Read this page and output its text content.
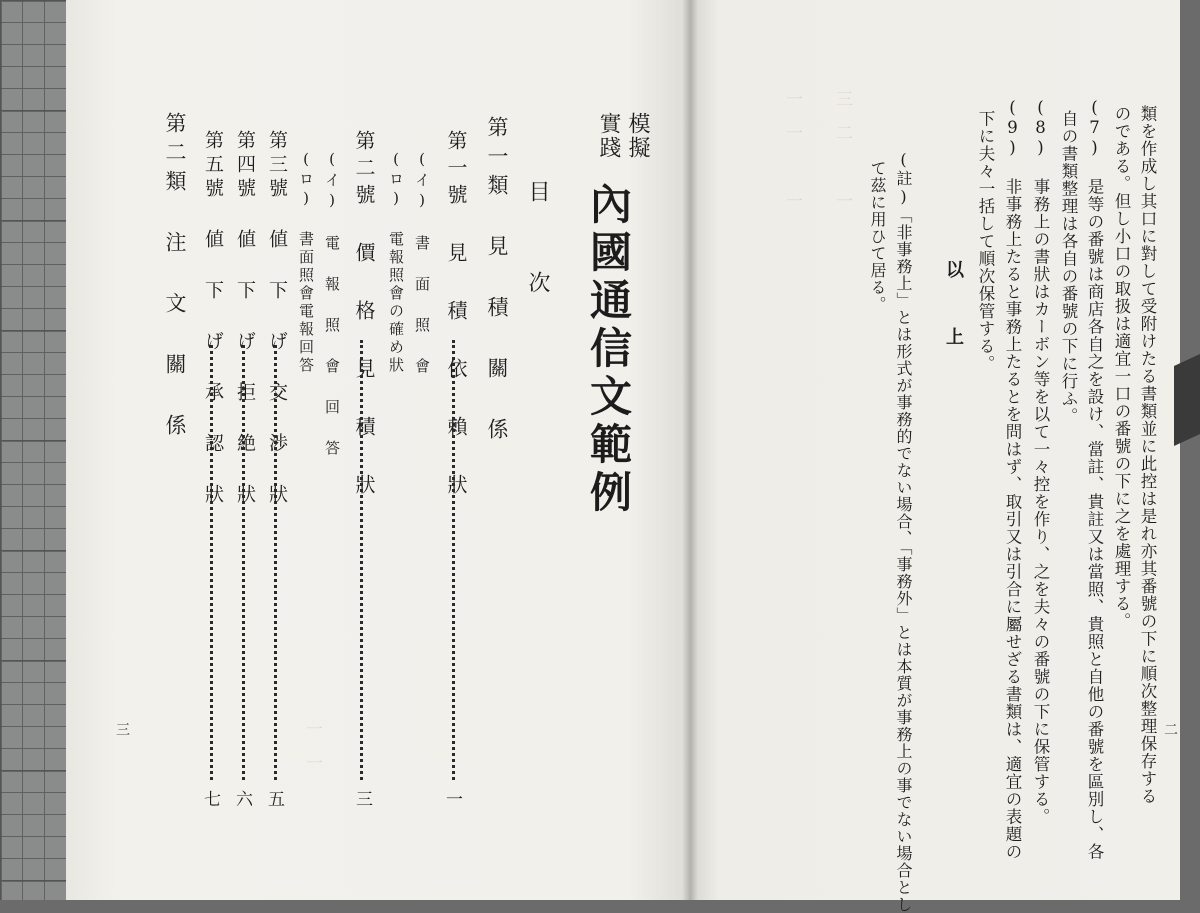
三　二　　　一
一　一　　　一
一　一
模擬
實踐
內國通信文範例
目 次
第一類 見 積 關 係
第一號 見 積 依 賴 狀
一
(イ) 書 面 照 會
(ロ) 電報照會の確め狀
第二號 價 格 見 積 狀
三
(イ) 電 報 照 會 回 答
(ロ) 書面照會電報回答
第三號 値 下 げ 交 渉 狀
五
第四號 値 下 げ 拒 絶 狀
六
第五號 値 下 げ 承 認 狀
七
第二類 注 文 關 係
三	類を作成し其口に對して受附けたる書類並に此控は是れ亦其番號の下に順次整理保存する
のである。但し小口の取扱は適宜一口の番號の下に之を處理する。
(7) 是等の番號は商店各自之を設け、當註、貴註又は當照、貴照と自他の番號を區別し、各
自の書類整理は各自の番號の下に行ふ。
(8) 事務上の書狀はカーボン等を以て一々控を作り、之を夫々の番號の下に保管する。
(9) 非事務上たると事務上たるとを問はず、取引又は引合に屬せざる書類は、適宜の表題の
下に夫々一括して順次保管する。
以 上
(註)「非事務上」とは形式が事務的でない場合、「事務外」とは本質が事務上の事でない場合とし
て茲に用ひて居る。
二
